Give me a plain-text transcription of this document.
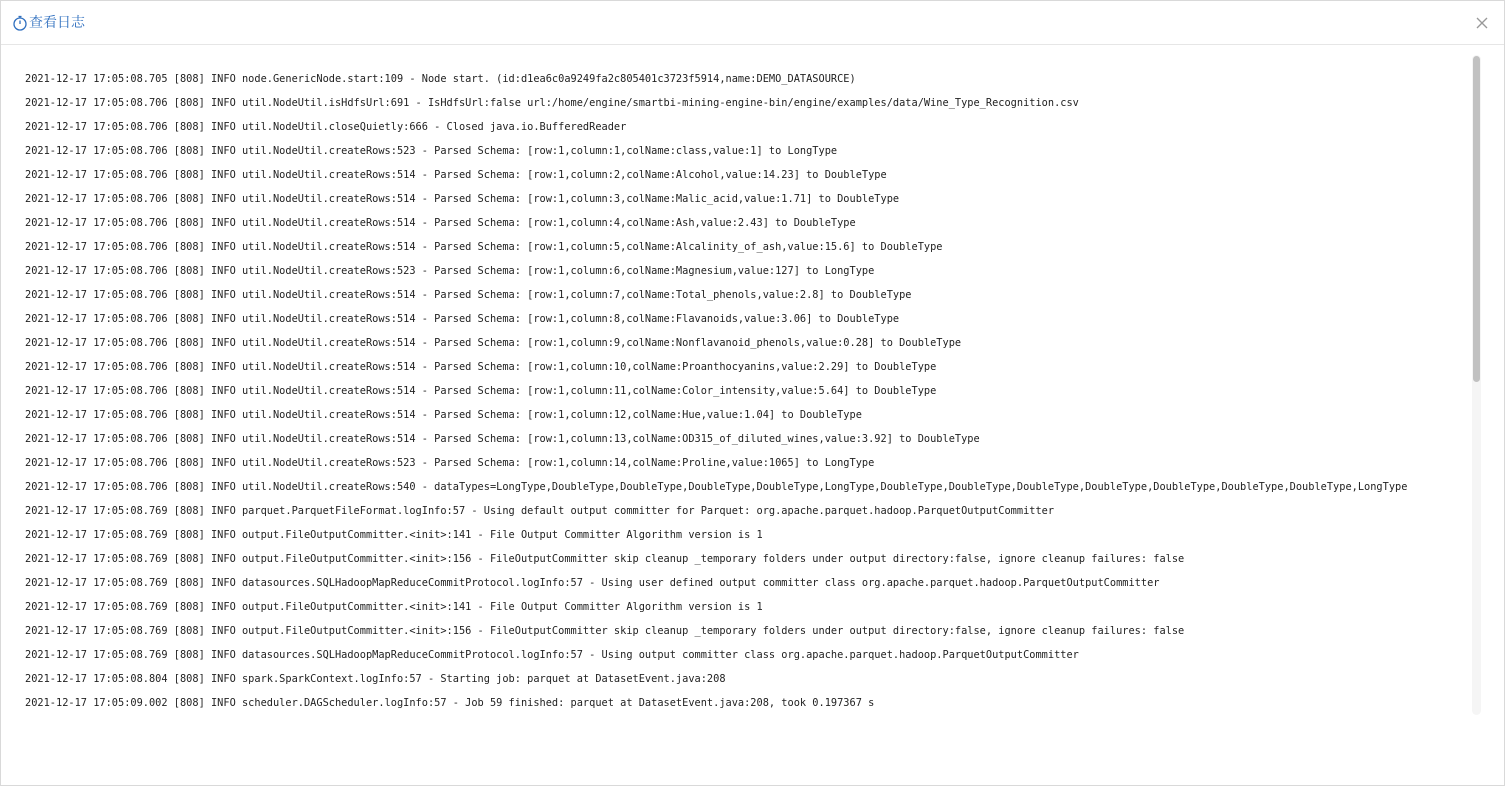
查看日志
2021-12-17 17:05:08.705 [808] INFO node.GenericNode.start:109 - Node start. (id:d1ea6c0a9249fa2c805401c3723f5914,name:DEMO_DATASOURCE)
2021-12-17 17:05:08.706 [808] INFO util.NodeUtil.isHdfsUrl:691 - IsHdfsUrl:false url:/home/engine/smartbi-mining-engine-bin/engine/examples/data/Wine_Type_Recognition.csv
2021-12-17 17:05:08.706 [808] INFO util.NodeUtil.closeQuietly:666 - Closed java.io.BufferedReader
2021-12-17 17:05:08.706 [808] INFO util.NodeUtil.createRows:523 - Parsed Schema: [row:1,column:1,colName:class,value:1] to LongType
2021-12-17 17:05:08.706 [808] INFO util.NodeUtil.createRows:514 - Parsed Schema: [row:1,column:2,colName:Alcohol,value:14.23] to DoubleType
2021-12-17 17:05:08.706 [808] INFO util.NodeUtil.createRows:514 - Parsed Schema: [row:1,column:3,colName:Malic_acid,value:1.71] to DoubleType
2021-12-17 17:05:08.706 [808] INFO util.NodeUtil.createRows:514 - Parsed Schema: [row:1,column:4,colName:Ash,value:2.43] to DoubleType
2021-12-17 17:05:08.706 [808] INFO util.NodeUtil.createRows:514 - Parsed Schema: [row:1,column:5,colName:Alcalinity_of_ash,value:15.6] to DoubleType
2021-12-17 17:05:08.706 [808] INFO util.NodeUtil.createRows:523 - Parsed Schema: [row:1,column:6,colName:Magnesium,value:127] to LongType
2021-12-17 17:05:08.706 [808] INFO util.NodeUtil.createRows:514 - Parsed Schema: [row:1,column:7,colName:Total_phenols,value:2.8] to DoubleType
2021-12-17 17:05:08.706 [808] INFO util.NodeUtil.createRows:514 - Parsed Schema: [row:1,column:8,colName:Flavanoids,value:3.06] to DoubleType
2021-12-17 17:05:08.706 [808] INFO util.NodeUtil.createRows:514 - Parsed Schema: [row:1,column:9,colName:Nonflavanoid_phenols,value:0.28] to DoubleType
2021-12-17 17:05:08.706 [808] INFO util.NodeUtil.createRows:514 - Parsed Schema: [row:1,column:10,colName:Proanthocyanins,value:2.29] to DoubleType
2021-12-17 17:05:08.706 [808] INFO util.NodeUtil.createRows:514 - Parsed Schema: [row:1,column:11,colName:Color_intensity,value:5.64] to DoubleType
2021-12-17 17:05:08.706 [808] INFO util.NodeUtil.createRows:514 - Parsed Schema: [row:1,column:12,colName:Hue,value:1.04] to DoubleType
2021-12-17 17:05:08.706 [808] INFO util.NodeUtil.createRows:514 - Parsed Schema: [row:1,column:13,colName:OD315_of_diluted_wines,value:3.92] to DoubleType
2021-12-17 17:05:08.706 [808] INFO util.NodeUtil.createRows:523 - Parsed Schema: [row:1,column:14,colName:Proline,value:1065] to LongType
2021-12-17 17:05:08.706 [808] INFO util.NodeUtil.createRows:540 - dataTypes=LongType,DoubleType,DoubleType,DoubleType,DoubleType,LongType,DoubleType,DoubleType,DoubleType,DoubleType,DoubleType,DoubleType,DoubleType,LongType
2021-12-17 17:05:08.769 [808] INFO parquet.ParquetFileFormat.logInfo:57 - Using default output committer for Parquet: org.apache.parquet.hadoop.ParquetOutputCommitter
2021-12-17 17:05:08.769 [808] INFO output.FileOutputCommitter.<init>:141 - File Output Committer Algorithm version is 1
2021-12-17 17:05:08.769 [808] INFO output.FileOutputCommitter.<init>:156 - FileOutputCommitter skip cleanup _temporary folders under output directory:false, ignore cleanup failures: false
2021-12-17 17:05:08.769 [808] INFO datasources.SQLHadoopMapReduceCommitProtocol.logInfo:57 - Using user defined output committer class org.apache.parquet.hadoop.ParquetOutputCommitter
2021-12-17 17:05:08.769 [808] INFO output.FileOutputCommitter.<init>:141 - File Output Committer Algorithm version is 1
2021-12-17 17:05:08.769 [808] INFO output.FileOutputCommitter.<init>:156 - FileOutputCommitter skip cleanup _temporary folders under output directory:false, ignore cleanup failures: false
2021-12-17 17:05:08.769 [808] INFO datasources.SQLHadoopMapReduceCommitProtocol.logInfo:57 - Using output committer class org.apache.parquet.hadoop.ParquetOutputCommitter
2021-12-17 17:05:08.804 [808] INFO spark.SparkContext.logInfo:57 - Starting job: parquet at DatasetEvent.java:208
2021-12-17 17:05:09.002 [808] INFO scheduler.DAGScheduler.logInfo:57 - Job 59 finished: parquet at DatasetEvent.java:208, took 0.197367 s
